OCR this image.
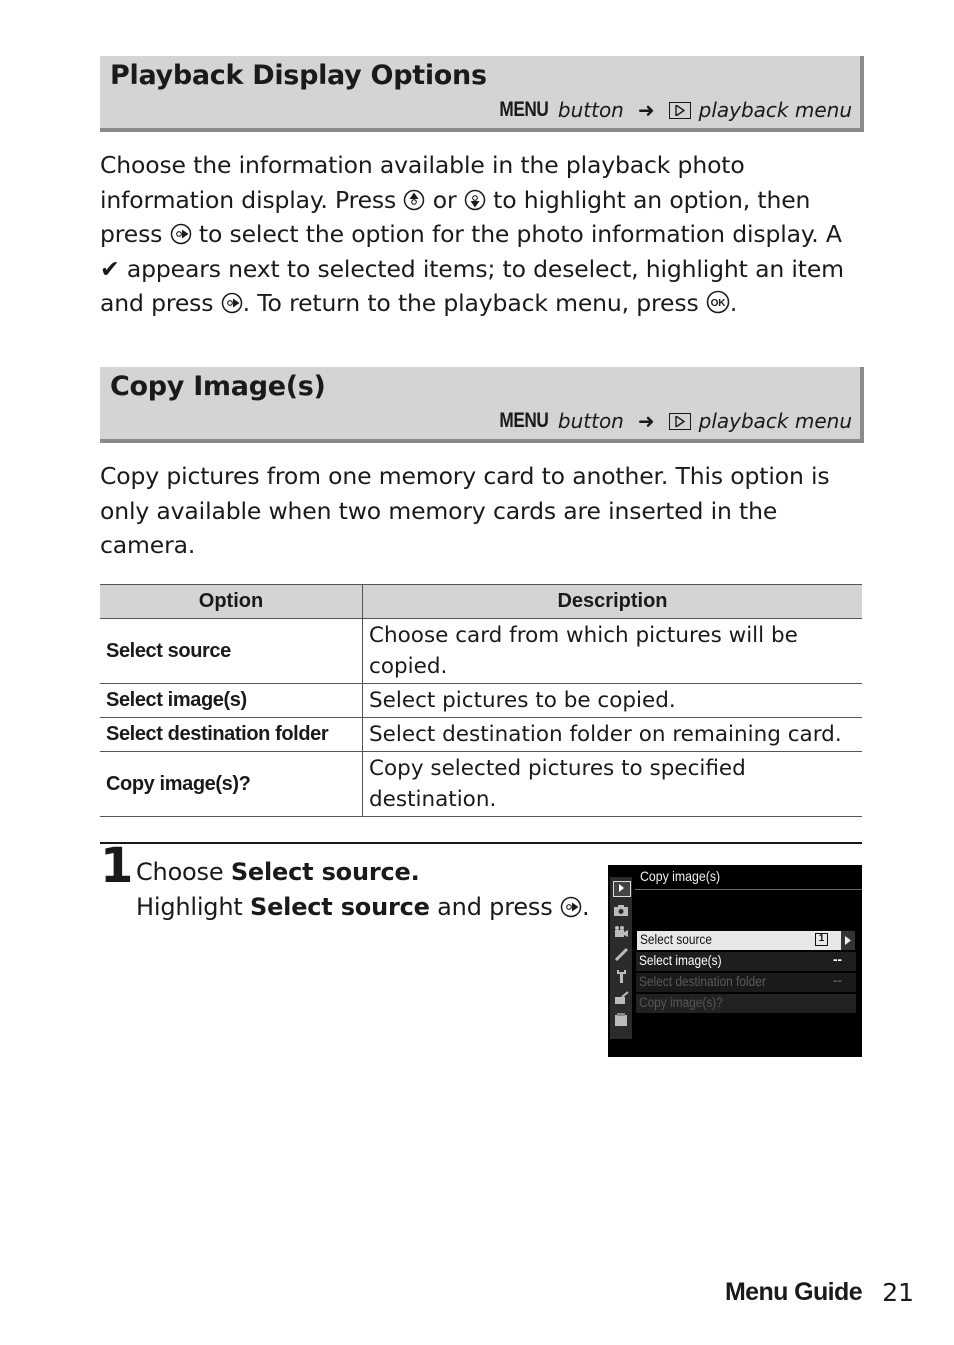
Playback Display Options
MENU button ➜ playback menu
Choose the information available in the playback photo
information display. Press or to highlight an option, then
press to select the option for the photo information display. A
✔ appears next to selected items; to deselect, highlight an item
and press . To return to the playback menu, press OK .
Copy Image(s)
MENU button ➜ playback menu
Copy pictures from one memory card to another. This option is
only available when two memory cards are inserted in the
camera.
Option	Description
Select source	Choose card from which pictures will be copied.
Select image(s)	Select pictures to be copied.
Select destination folder	Select destination folder on remaining card.
Copy image(s)?	Copy selected pictures to specified destination.
1 Choose Select source.
Highlight Select source and press .
Copy image(s)
Select source	1
Select image(s)	--
Select destination folder	--
Copy image(s)?
Menu Guide 21
